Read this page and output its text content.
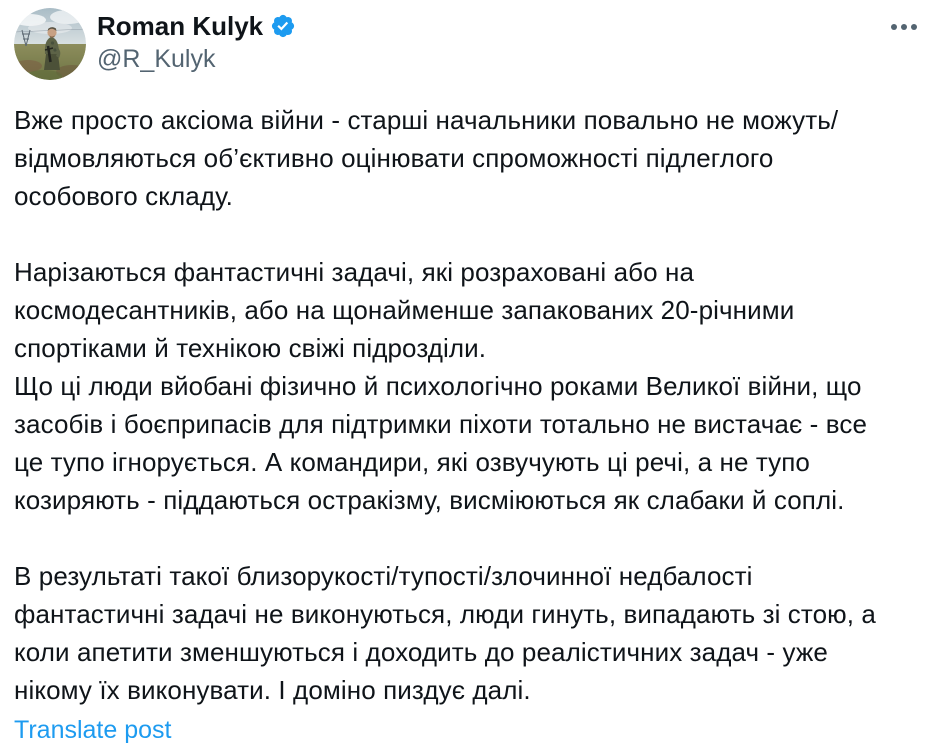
Roman Kulyk
@R_Kulyk
Вже просто аксіома війни - старші начальники повально не можуть/
відмовляються об’єктивно оцінювати спроможності підлеглого
особового складу.
Нарізаються фантастичні задачі, які розраховані або на
космодесантників, або на щонайменше запакованих 20-річними
спортіками й технікою свіжі підрозділи.
Що ці люди вйобані фізично й психологічно роками Великої війни, що
засобів і боєприпасів для підтримки піхоти тотально не вистачає - все
це тупо ігнорується. А командири, які озвучують ці речі, а не тупо
козиряють - піддаються остракізму, висміюються як слабаки й соплі.
В результаті такої близорукості/тупості/злочинної недбалості
фантастичні задачі не виконуються, люди гинуть, випадають зі стою, а
коли апетити зменшуються і доходить до реалістичних задач - уже
нікому їх виконувати. І доміно пиздує далі.
Translate post
